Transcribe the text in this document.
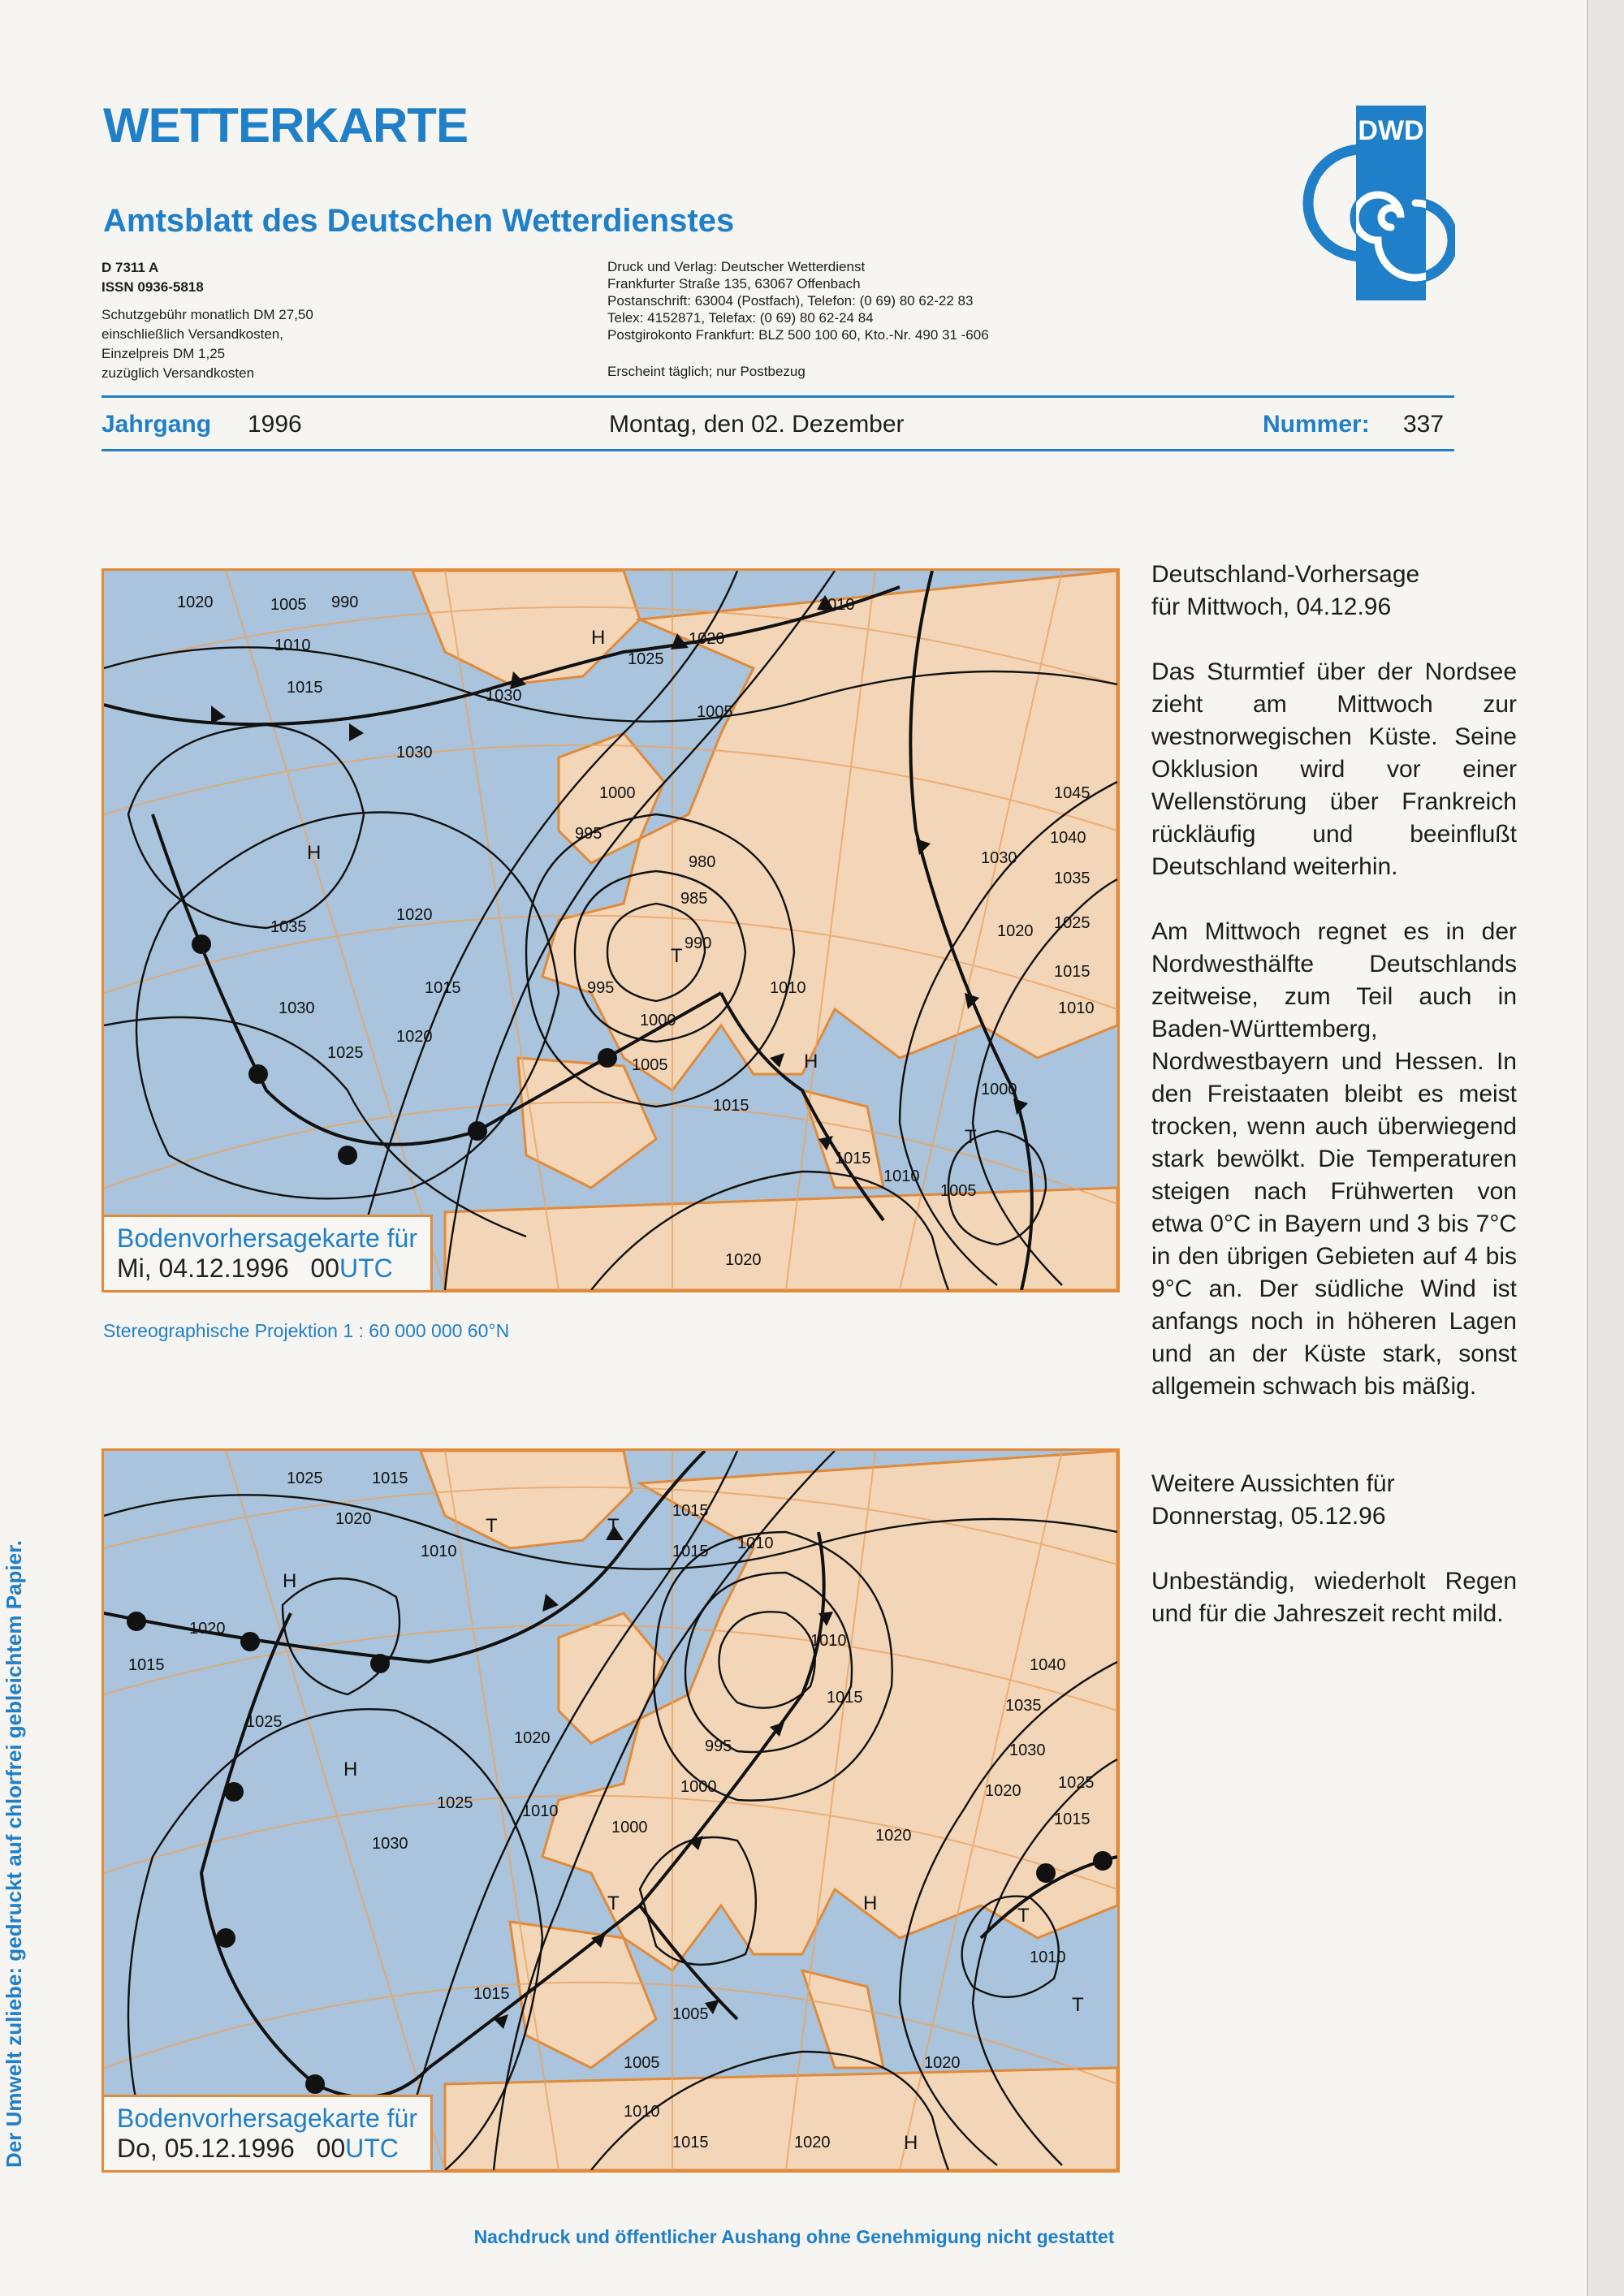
WETTERKARTE
Amtsblatt des Deutschen Wetterdienstes
D 7311 A
ISSN 0936-5818
Schutzgebühr monatlich DM 27,50
einschließlich Versandkosten,
Einzelpreis DM 1,25
zuzüglich Versandkosten
Druck und Verlag: Deutscher Wetterdienst
Frankfurter Straße 135, 63067 Offenbach
Postanschrift: 63004 (Postfach), Telefon: (0 69) 80 62-22 83
Telex: 4152871, Telefax: (0 69) 80 62-24 84
Postgirokonto Frankfurt: BLZ 500 100 60, Kto.-Nr. 490 31 -606
Erscheint täglich; nur Postbezug
DWD
Jahrgang 1996	Montag, den 02. Dezember	Nummer: 337
1020	1005 990
1010
1015	1030
1025
1020
1010
1005
1000
995
985
980
990
995
1000
1005
1015
1010
1020
1030
1035
1030
1025
1020
1015
1045
1040
1035
1030
1025
1020
1015
1010
1000
1005
1010
1015
1020
H
H
T
H
T
Bodenvorhersagekarte für
Mi, 04.12.1996 00UTC
Stereographische Projektion 1 : 60 000 000 60°N
1025	1015
1020
1010
1015
1015 1010
1020
1015
1025
1030
1020
1025	1010
1000
1000
995
1015
1010
1005
1040
1035
1030
1025
1020
1015
1020
1010
1015
1020
1005
1010
1015	1020
H
H
T	T
T	H
T
H
T
Bodenvorhersagekarte für
Do, 05.12.1996 00UTC

Deutschland-Vorhersage
für Mittwoch, 04.12.96

Das Sturmtief über der Nordsee zieht am Mittwoch zur westnorwegischen Küste. Seine Okklusion wird vor einer Wellenstörung über Frankreich rückläufig und beeinflußt Deutschland weiterhin.

Am Mittwoch regnet es in der Nordwesthälfte Deutschlands zeitweise, zum Teil auch in Baden-Württemberg, Nordwestbayern und Hessen. In den Freistaaten bleibt es meist trocken, wenn auch überwiegend stark bewölkt. Die Temperaturen steigen nach Frühwerten von etwa 0°C in Bayern und 3 bis 7°C in den übrigen Gebieten auf 4 bis 9°C an. Der südliche Wind ist anfangs noch in höheren Lagen und an der Küste stark, sonst allgemein schwach bis mäßig.

Weitere Aussichten für
Donnerstag, 05.12.96

Unbeständig, wiederholt Regen und für die Jahreszeit recht mild.

Der Umwelt zuliebe: gedruckt auf chlorfrei gebleichtem Papier.
Nachdruck und öffentlicher Aushang ohne Genehmigung nicht gestattet
